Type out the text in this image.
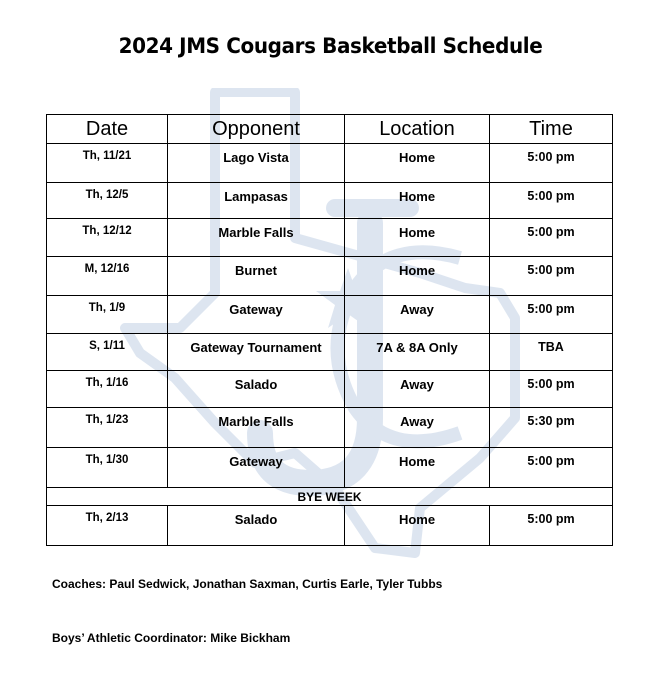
2024 JMS Cougars Basketball Schedule
Date	Opponent	Location	Time
Th, 11/21	Lago Vista	Home	5:00 pm
Th, 12/5	Lampasas	Home	5:00 pm
Th, 12/12	Marble Falls	Home	5:00 pm
M, 12/16	Burnet	Home	5:00 pm
Th, 1/9	Gateway	Away	5:00 pm
S, 1/11	Gateway Tournament	7A & 8A Only	TBA
Th, 1/16	Salado	Away	5:00 pm
Th, 1/23	Marble Falls	Away	5:30 pm
Th, 1/30	Gateway	Home	5:00 pm
BYE WEEK			
Th, 2/13	Salado	Home	5:00 pm
Coaches: Paul Sedwick, Jonathan Saxman, Curtis Earle, Tyler Tubbs
Boys’ Athletic Coordinator: Mike Bickham
